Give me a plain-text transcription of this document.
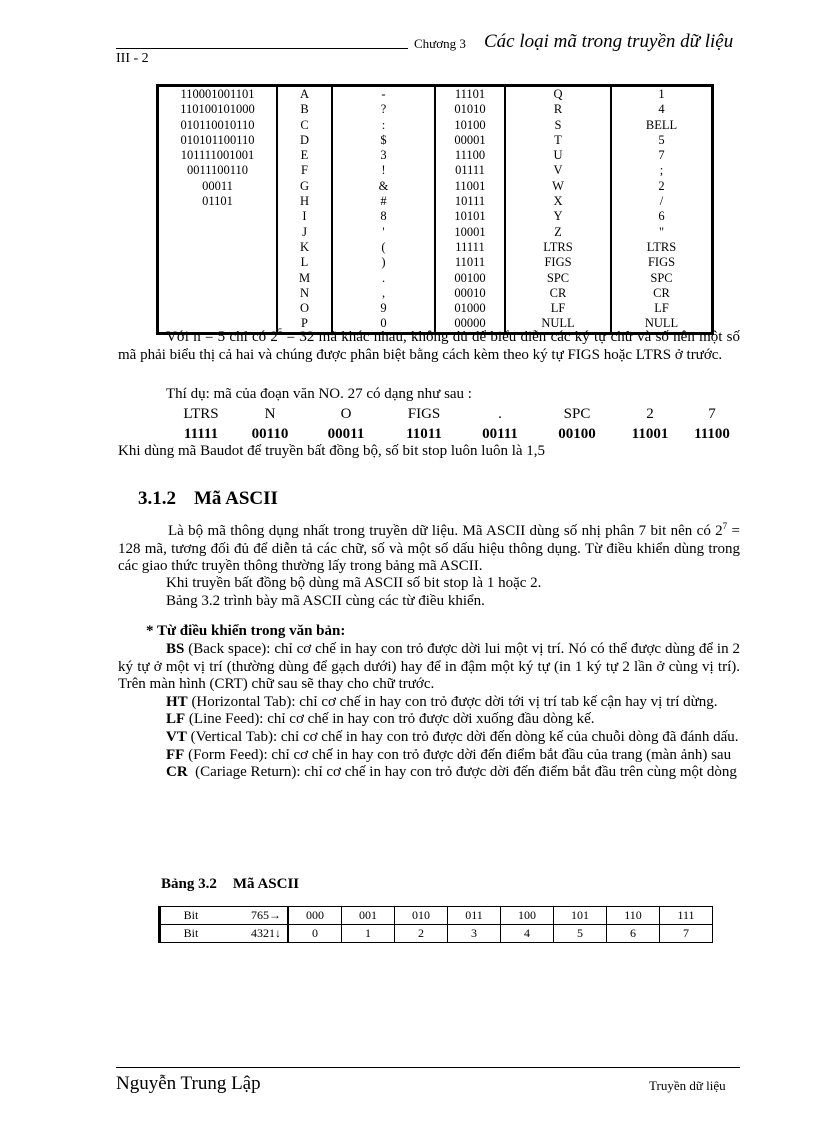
Chương 3 Các loại mã trong truyền dữ liệu
III - 2
110001001101	A	-	11101	Q	1
110100101000	B	?	01010	R	4
010110010110	C	:	10100	S	BELL
010101100110	D	$	00001	T	5
101111001001	E	3	11100	U	7
0011100110	F	!	01111	V	;
00011	G	&	11001	W	2
01101	H	#	10111	X	/
	I	8	10101	Y	6
	J	'	10001	Z	"
	K	(	11111	LTRS	LTRS
	L	)	11011	FIGS	FIGS
	M	.	00100	SPC	SPC
	N	,	00010	CR	CR
	O	9	01000	LF	LF
	P	0	00000	NULL	NULL
Với n = 5 chỉ có $2^5 = 32$ mã khác nhau, không đủ để biểu diễn các ký tự chữ và số nên một số mã phải biểu thị cả hai và chúng được phân biệt bằng cách kèm theo ký tự FIGS hoặc LTRS ở trước.
Thí dụ: mã của đoạn văn NO. 27 có dạng như sau :
LTRS	N	O	FIGS	.	SPC	2	7
11111	00110	00011	11011	00111	00100	11001	11100
Khi dùng mã Baudot để truyền bất đồng bộ, số bit stop luôn luôn là 1,5
3.1.2 Mã ASCII
Là bộ mã thông dụng nhất trong truyền dữ liệu. Mã ASCII dùng số nhị phân 7 bit nên có $2^7 = 128$ mã, tương đối đủ để diễn tả các chữ, số và một số dấu hiệu thông dụng. Từ điều khiển dùng trong các giao thức truyền thông thường lấy trong bảng mã ASCII.
Khi truyền bất đồng bộ dùng mã ASCII số bit stop là 1 hoặc 2.
Bảng 3.2 trình bày mã ASCII cùng các từ điều khiển.
* Từ điều khiển trong văn bản:
BS (Back space): chỉ cơ chế in hay con trỏ được dời lui một vị trí. Nó có thể được dùng để in 2 ký tự ở một vị trí (thường dùng để gạch dưới) hay để in đậm một ký tự (in 1 ký tự 2 lần ở cùng vị trí). Trên màn hình (CRT) chữ sau sẽ thay cho chữ trước.
HT (Horizontal Tab): chỉ cơ chế in hay con trỏ được dời tới vị trí tab kế cận hay vị trí dừng.
LF (Line Feed): chỉ cơ chế in hay con trỏ được dời xuống đầu dòng kế.
VT (Vertical Tab): chỉ cơ chế in hay con trỏ được dời đến dòng kế của chuỗi dòng đã đánh dấu.
FF (Form Feed): chỉ cơ chế in hay con trỏ được dời đến điểm bắt đầu của trang (màn ảnh) sau
CR  (Cariage Return): chỉ cơ chế in hay con trỏ được dời đến điểm bắt đầu trên cùng một dòng
Bảng 3.2 Mã ASCII
Bit	765→	000	001	010	011	100	101	110	111
Bit	4321↓	0	1	2	3	4	5	6	7
Nguyễn Trung Lập	Truyền dữ liệu
